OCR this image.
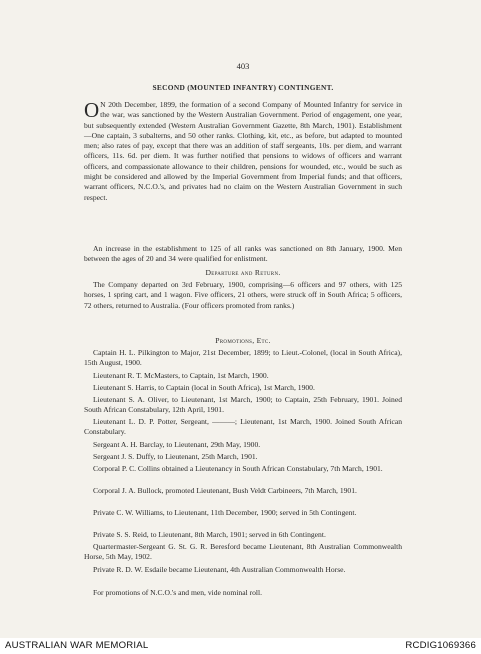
403
SECOND (MOUNTED INFANTRY) CONTINGENT.

O N 20th December, 1899, the formation of a second Company of Mounted Infantry for service in the war, was sanctioned by the Western Australian Government. Period of engagement, one year, but subsequently extended (Western Australian Government Gazette, 8th March, 1901). Establishment—One captain, 3 subalterns, and 50 other ranks. Clothing, kit, etc., as before, but adapted to mounted men; also rates of pay, except that there was an addition of staff sergeants, 10s. per diem, and warrant officers, 11s. 6d. per diem. It was further notified that pensions to widows of officers and warrant officers, and compassionate allowance to their children, pensions for wounded, etc., would be such as might be considered and allowed by the Imperial Government from Imperial funds; and that officers, warrant officers, N.C.O.'s, and privates had no claim on the Western Australian Government in such respect.

An increase in the establishment to 125 of all ranks was sanctioned on 8th January, 1900. Men between the ages of 20 and 34 were qualified for enlistment.

Departure and Return.

The Company departed on 3rd February, 1900, comprising—6 officers and 97 others, with 125 horses, 1 spring cart, and 1 wagon. Five officers, 21 others, were struck off in South Africa; 5 officers, 72 others, returned to Australia. (Four officers promoted from ranks.)

Promotions, Etc.

Captain H. L. Pilkington to Major, 21st December, 1899; to Lieut.-Colonel, (local in South Africa), 15th August, 1900.

Lieutenant R. T. McMasters, to Captain, 1st March, 1900.

Lieutenant S. Harris, to Captain (local in South Africa), 1st March, 1900.

Lieutenant S. A. Oliver, to Lieutenant, 1st March, 1900; to Captain, 25th February, 1901. Joined South African Constabulary, 12th April, 1901.

Lieutenant L. D. P. Potter, Sergeant, ———; Lieutenant, 1st March, 1900. Joined South African Constabulary.

Sergeant A. H. Barclay, to Lieutenant, 29th May, 1900.

Sergeant J. S. Duffy, to Lieutenant, 25th March, 1901.

Corporal P. C. Collins obtained a Lieutenancy in South African Constabulary, 7th March, 1901.

Corporal J. A. Bullock, promoted Lieutenant, Bush Veldt Carbineers, 7th March, 1901.

Private C. W. Williams, to Lieutenant, 11th December, 1900; served in 5th Contingent.

Private S. S. Reid, to Lieutenant, 8th March, 1901; served in 6th Contingent.

Quartermaster-Sergeant G. St. G. R. Beresford became Lieutenant, 8th Australian Commonwealth Horse, 5th May, 1902.

Private R. D. W. Esdaile became Lieutenant, 4th Australian Commonwealth Horse.

For promotions of N.C.O.'s and men, vide nominal roll.

AUSTRALIAN WAR MEMORIAL	RCDIG1069366
